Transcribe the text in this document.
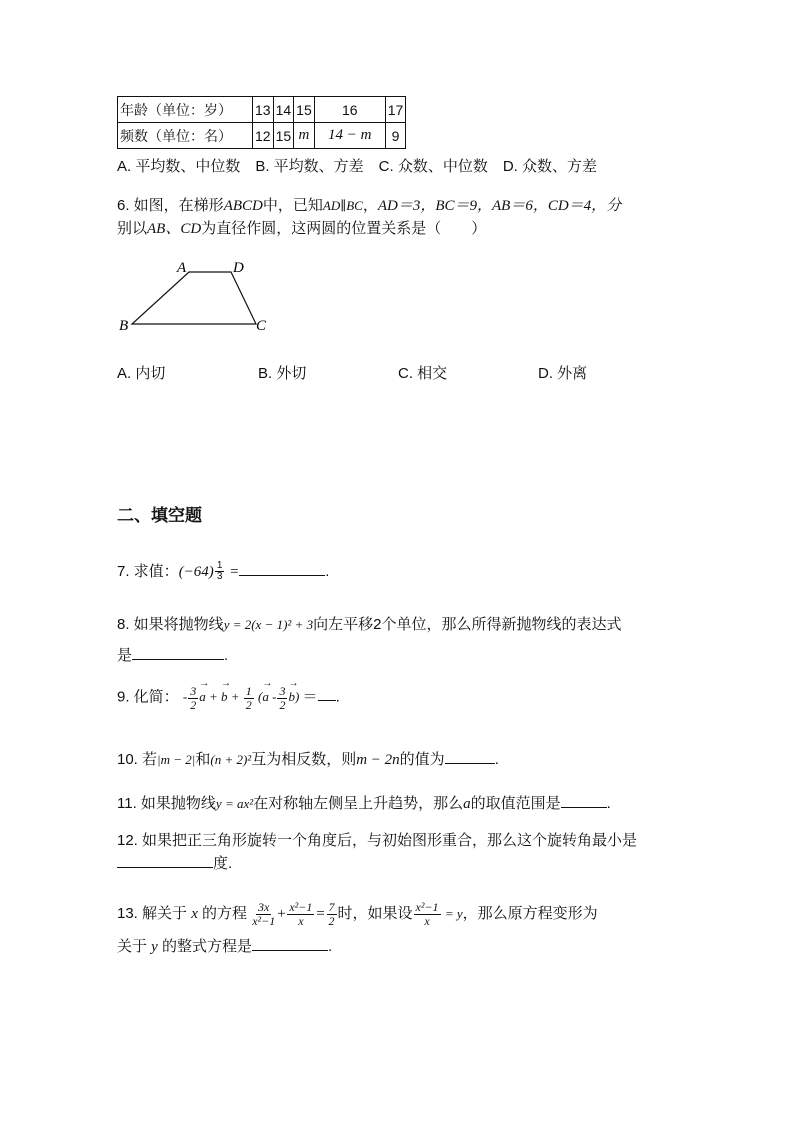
年龄（单位：岁）	13	14	15	16	17
频数（单位：名）	12	15	m	14 − m	9
A. 平均数、中位数　B. 平均数、方差　C. 众数、中位数　D. 众数、方差
6. 如图，在梯形ABCD中，已知AD∥BC，AD＝3，BC＝9，AB＝6，CD＝4，分
别以AB、CD为直径作圆，这两圆的位置关系是（　　）
A	D
B	C
A. 内切	B. 外切	C. 相交	D. 外离
二、填空题
7. 求值：$(-64) \frac{1}{3}$ =	.
8. 如果将抛物线y = 2(x − 1)² + 3向左平移2个单位，那么所得新抛物线的表达式
是	.
9. 化简： - $\frac{3}{2} \to a$ + → $b + \frac{1}{2}$ (→ $a - \frac{3}{2} \to b$) ＝ .
10. 若|m − 2|和(n + 2)²互为相反数，则m − 2n的值为	.
11. 如果抛物线y = ax²在对称轴左侧呈上升趋势，那么a的取值范围是	.
12. 如果把正三角形旋转一个角度后，与初始图形重合，那么这个旋转角最小是
度.
13. 解关于 x 的方程 $\frac{3x}{\text{x²−1}} + \frac{\text{x²−1}}{x} = \frac{7}{2}$ 时，如果设 $\frac{\text{x²−1}}{x} = y$，那么原方程变形为
关于 y 的整式方程是	.
